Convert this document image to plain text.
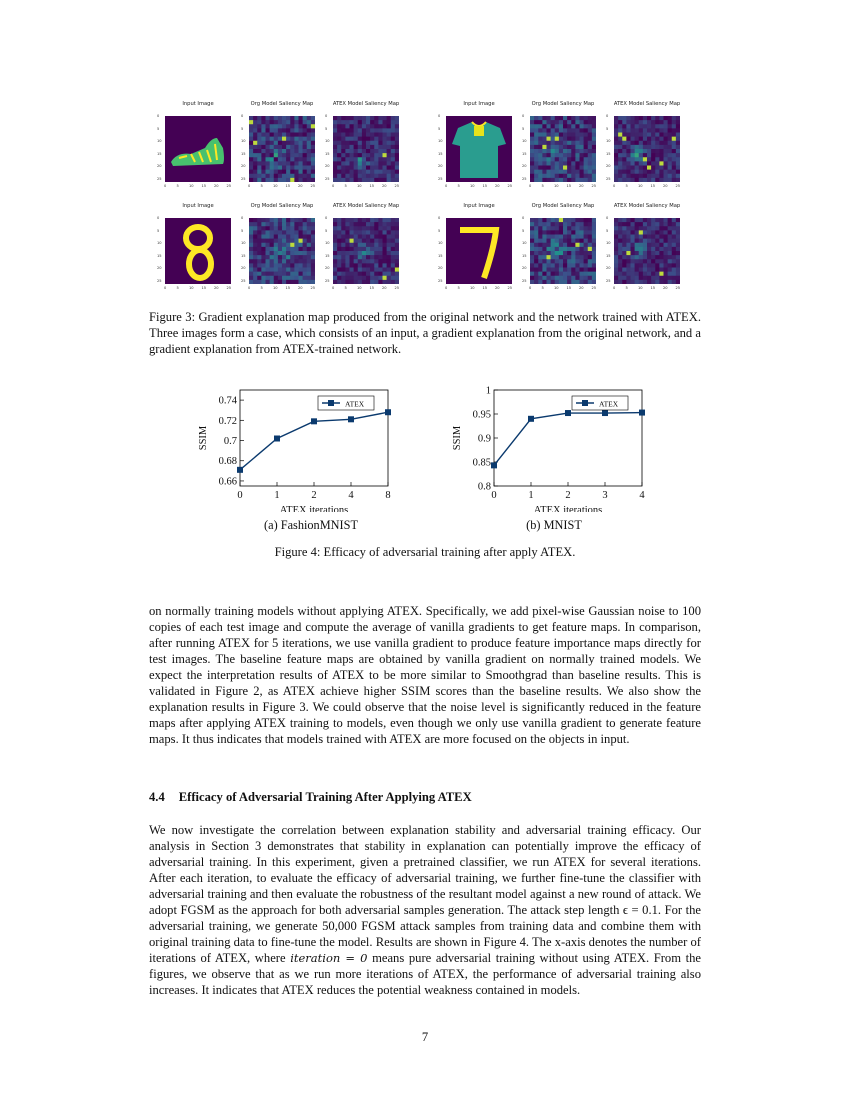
Input Image
0
5
10
15
20
25
0	5	10 15 20 25
Org Model Saliency Map
0
5
10
15
20
25
0	5	10 15 20 25
ATEX Model Saliency Map
0
5
10
15
20
25
0	5	10 15 20 25
Input Image
0
5
10
15
20
25
0	5	10 15 20 25
Org Model Saliency Map
0
5
10
15
20
25
0	5	10 15 20 25
ATEX Model Saliency Map
0
5
10
15
20
25
0	5	10 15 20 25
Input Image
0
5
10
15
20
25
0	5	10 15 20 25
Org Model Saliency Map
0
5
10
15
20
25
0	5	10 15 20 25
ATEX Model Saliency Map
0
5
10
15
20
25
0	5	10 15 20 25
Input Image
0
5
10
15
20
25
0	5	10 15 20 25
Org Model Saliency Map
0
5
10
15
20
25
0	5	10 15 20 25
ATEX Model Saliency Map
0
5
10
15
20
25
0	5	10 15 20 25
Figure 3: Gradient explanation map produced from the original network and the network trained with ATEX. Three images form a case, which consists of an input, a gradient explanation from the original network, and a gradient explanation from ATEX-trained network.
0.66
0.68
0.7
0.72
0.74
0	1	2	4	8
ATEX iterations
SSIM
ATEX
0.8
0.85
0.9
0.95
1
0	1	2	3	4
ATEX iterations
SSIM
ATEX
(a) FashionMNIST	(b) MNIST
Figure 4: Efficacy of adversarial training after apply ATEX.
on normally training models without applying ATEX. Specifically, we add pixel-wise Gaussian noise to 100 copies of each test image and compute the average of vanilla gradients to get feature maps. In comparison, after running ATEX for 5 iterations, we use vanilla gradient to produce feature importance maps directly for test images. The baseline feature maps are obtained by vanilla gradient on normally trained models. We expect the interpretation results of ATEX to be more similar to Smoothgrad than baseline results. This is validated in Figure 2, as ATEX achieve higher SSIM scores than the baseline results. We also show the explanation results in Figure 3. We could observe that the noise level is significantly reduced in the feature maps after applying ATEX training to models, even though we only use vanilla gradient to generate feature maps. It thus indicates that models trained with ATEX are more focused on the objects in input.
4.4 Efficacy of Adversarial Training After Applying ATEX
We now investigate the correlation between explanation stability and adversarial training efficacy. Our analysis in Section 3 demonstrates that stability in explanation can potentially improve the efficacy of adversarial training. In this experiment, given a pretrained classifier, we run ATEX for several iterations. After each iteration, to evaluate the efficacy of adversarial training, we further fine-tune the classifier with adversarial training and then evaluate the robustness of the resultant model against a new round of attack. We adopt FGSM as the approach for both adversarial samples generation. The attack step length ϵ = 0.1. For the adversarial training, we generate 50,000 FGSM attack samples from training data and combine them with original training data to fine-tune the model. Results are shown in Figure 4. The x-axis denotes the number of iterations of ATEX, where iteration = 0 means pure adversarial training without using ATEX. From the figures, we observe that as we run more iterations of ATEX, the performance of adversarial training also increases. It indicates that ATEX reduces the potential weakness contained in models.
7
